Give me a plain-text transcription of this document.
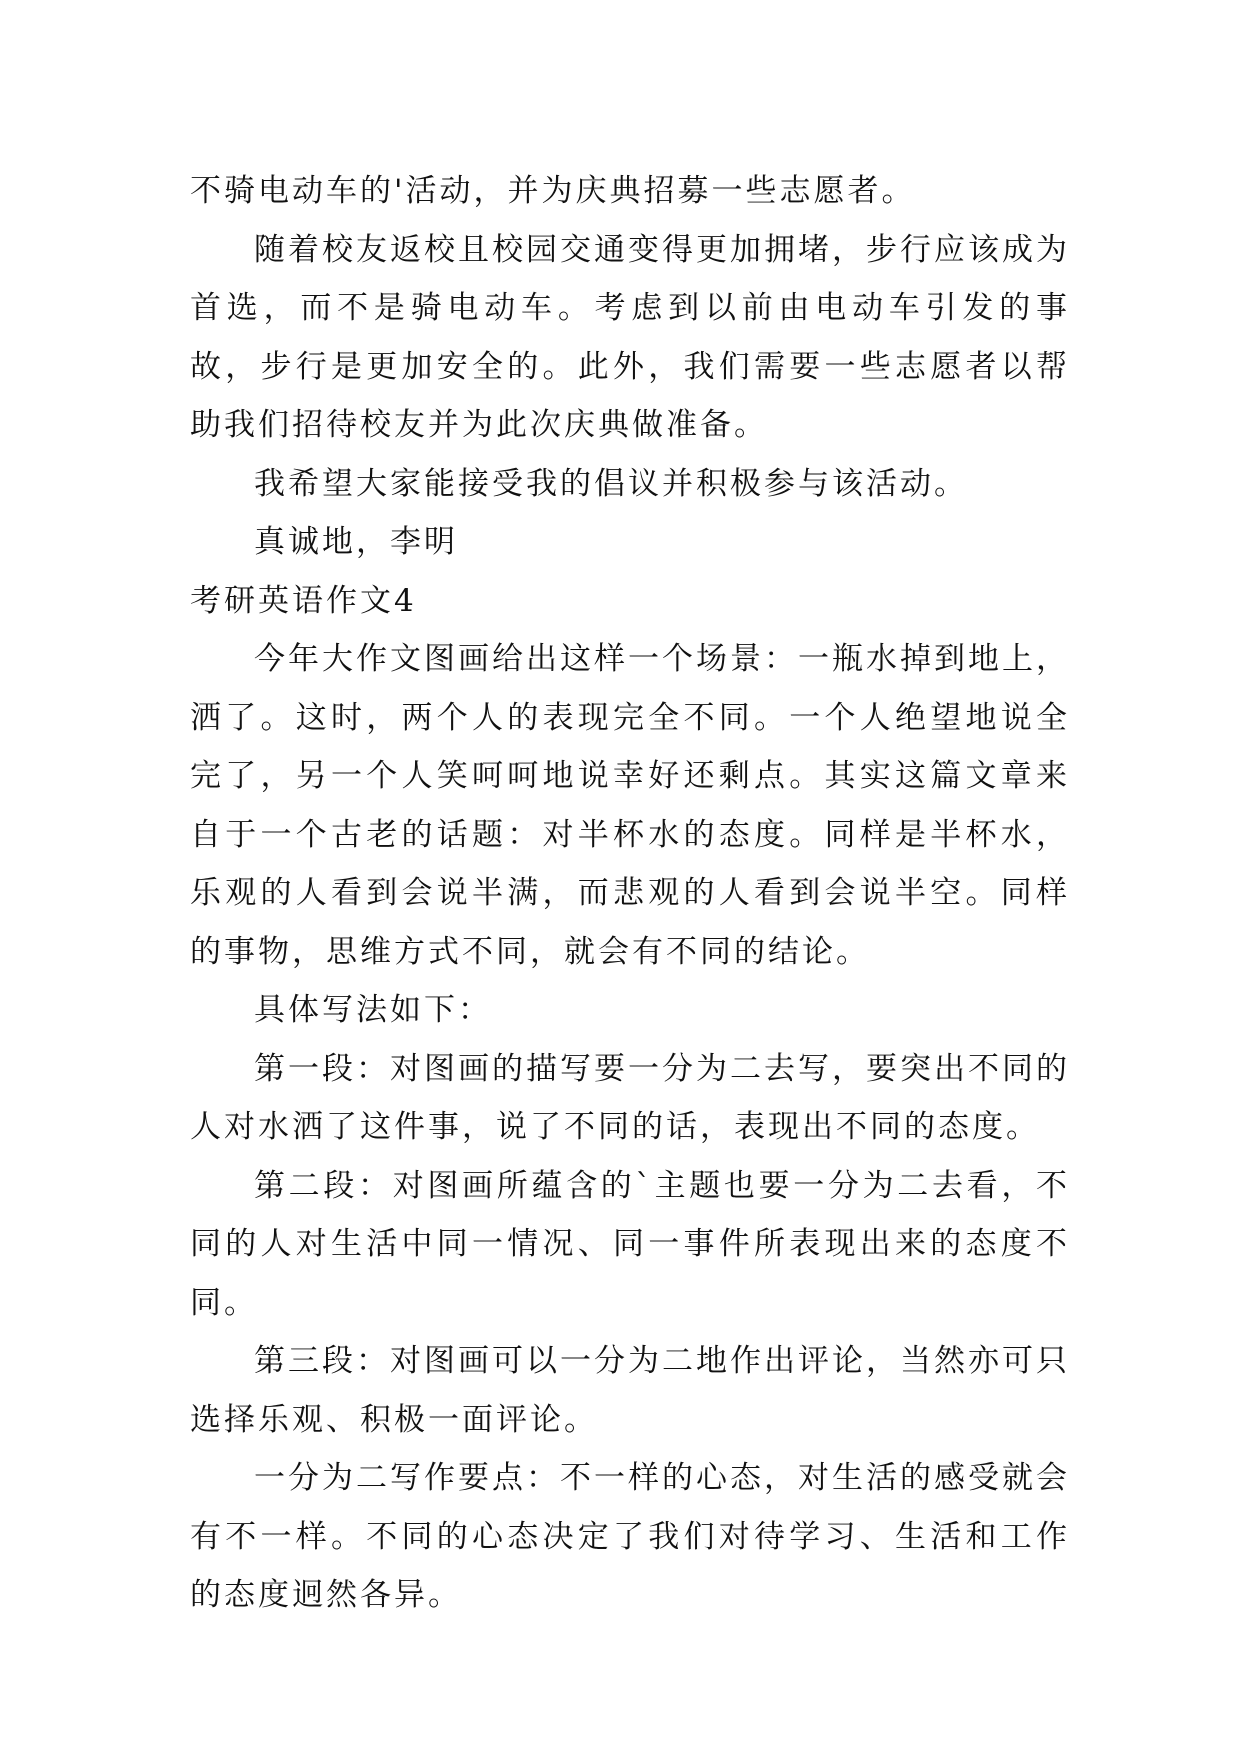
不骑电动车的'活动，并为庆典招募一些志愿者。

随着校友返校且校园交通变得更加拥堵，步行应该成为首选，而不是骑电动车。考虑到以前由电动车引发的事故，步行是更加安全的。此外，我们需要一些志愿者以帮助我们招待校友并为此次庆典做准备。

我希望大家能接受我的倡议并积极参与该活动。

真诚地，李明

考研英语作文4

今年大作文图画给出这样一个场景：一瓶水掉到地上，洒了。这时，两个人的表现完全不同。一个人绝望地说全完了，另一个人笑呵呵地说幸好还剩点。其实这篇文章来自于一个古老的话题：对半杯水的态度。同样是半杯水，乐观的人看到会说半满，而悲观的人看到会说半空。同样的事物，思维方式不同，就会有不同的结论。

具体写法如下：

第一段：对图画的描写要一分为二去写，要突出不同的人对水洒了这件事，说了不同的话，表现出不同的态度。

第二段：对图画所蕴含的`主题也要一分为二去看，不同的人对生活中同一情况、同一事件所表现出来的态度不同。

第三段：对图画可以一分为二地作出评论，当然亦可只选择乐观、积极一面评论。

一分为二写作要点：不一样的心态，对生活的感受就会有不一样。不同的心态决定了我们对待学习、生活和工作的态度迥然各异。
